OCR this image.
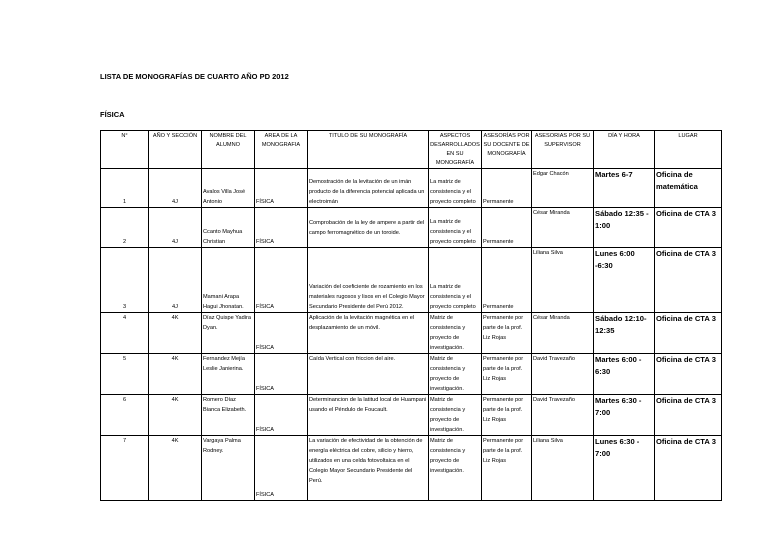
LISTA DE MONOGRAFÍAS DE CUARTO AÑO PD 2012
FÍSICA
N°	AÑO Y SECCIÓN	NOMBRE DEL ALUMNO	AREA DE LA MONOGRAFIA	TITULO DE SU MONOGRAFÍA	ASPECTOS DESARROLLADOS EN SU MONOGRAFÍA	ASESORÍAS POR SU DOCENTE DE MONOGRAFÍA	ASESORIAS POR SU SUPERVISOR	DÍA Y HORA	LUGAR
1	4J	Avalos Villa José Antonio	FÍSICA	Demostración de la levitación de un imán producto de la diferencia potencial aplicada un electroimán	La matriz de consistencia y el proyecto completo	Permanente	Edgar Chacón	Martes 6-7	Oficina de matemática
2	4J	Ccanto Mayhua Christian	FÍSICA	Comprobación de la ley de ampere a partir del campo ferromagnético de un toroide.	La matriz de consistencia y el proyecto completo	Permanente	César Miranda	Sábado 12:35 - 1:00	Oficina de CTA 3
3	4J	Mamani Arapa Hagui Jhonatan.	FÍSICA	Variación del coeficiente de rozamiento en los materiales rugosos y lisos en el Colegio Mayor Secundario Presidente del Perú 2012.	La matriz de consistencia y el proyecto completo	Permanente	Liliana Silva	Lunes 6:00 -6:30	Oficina de CTA 3
4	4K	Díaz Quispe Yadira Dyan.	FÍSICA	Aplicación de la levitación magnética en el desplazamiento de un móvil.	Matriz de consistencia y proyecto de investigación.	Permanente por parte de la prof. Liz Rojas	César Miranda	Sábado 12:10- 12:35	Oficina de CTA 3
5	4K	Fernandez Mejía Leslie Janierina.	FÍSICA	Caída Vertical con friccion del aire.	Matriz de consistencia y proyecto de investigación.	Permanente por parte de la prof. Liz Rojas	David Travezaño	Martes 6:00 - 6:30	Oficina de CTA 3
6	4K	Romero Díaz Bianca Elizabeth.	FÍSICA	Determinancion de la latitud local de Huampani usando el Péndulo de Foucault.	Matriz de consistencia y proyecto de investigación.	Permanente por parte de la prof. Liz Rojas	David Travezaño	Martes 6:30 - 7:00	Oficina de CTA 3
7	4K	Vargaya Palma Rodney.	FÍSICA	La variación de efectividad de la obtención de energía eléctrica del cobre, silicio y hierro, utilizados en una celda fotovoltaica en el Colegio Mayor Secundario Presidente del Perú.	Matriz de consistencia y proyecto de investigación.	Permanente por parte de la prof. Liz Rojas	Liliana Silva	Lunes 6:30 - 7:00	Oficina de CTA 3
